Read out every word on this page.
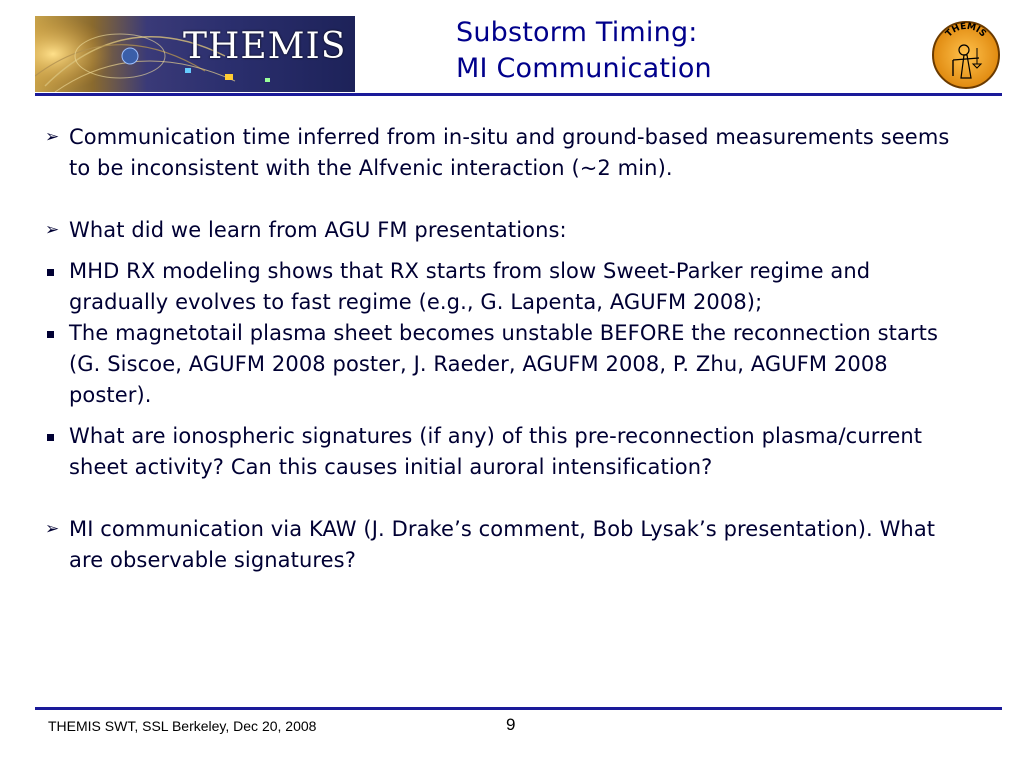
THEMIS	Substorm Timing:
MI Communication
THEMIS
➢ Communication time inferred from in-situ and ground-based measurements seems to be inconsistent with the Alfvenic interaction (~2 min).
➢ What did we learn from AGU FM presentations:
MHD RX modeling shows that RX starts from slow Sweet-Parker regime and gradually evolves to fast regime (e.g., G. Lapenta, AGUFM 2008);
The magnetotail plasma sheet becomes unstable BEFORE the reconnection starts (G. Siscoe, AGUFM 2008 poster, J. Raeder, AGUFM 2008, P. Zhu, AGUFM 2008 poster).
What are ionospheric signatures (if any) of this pre-reconnection plasma/current sheet activity? Can this causes initial auroral intensification?
➢ MI communication via KAW (J. Drake’s comment, Bob Lysak’s presentation). What are observable signatures?
THEMIS SWT, SSL Berkeley, Dec 20, 2008	9
